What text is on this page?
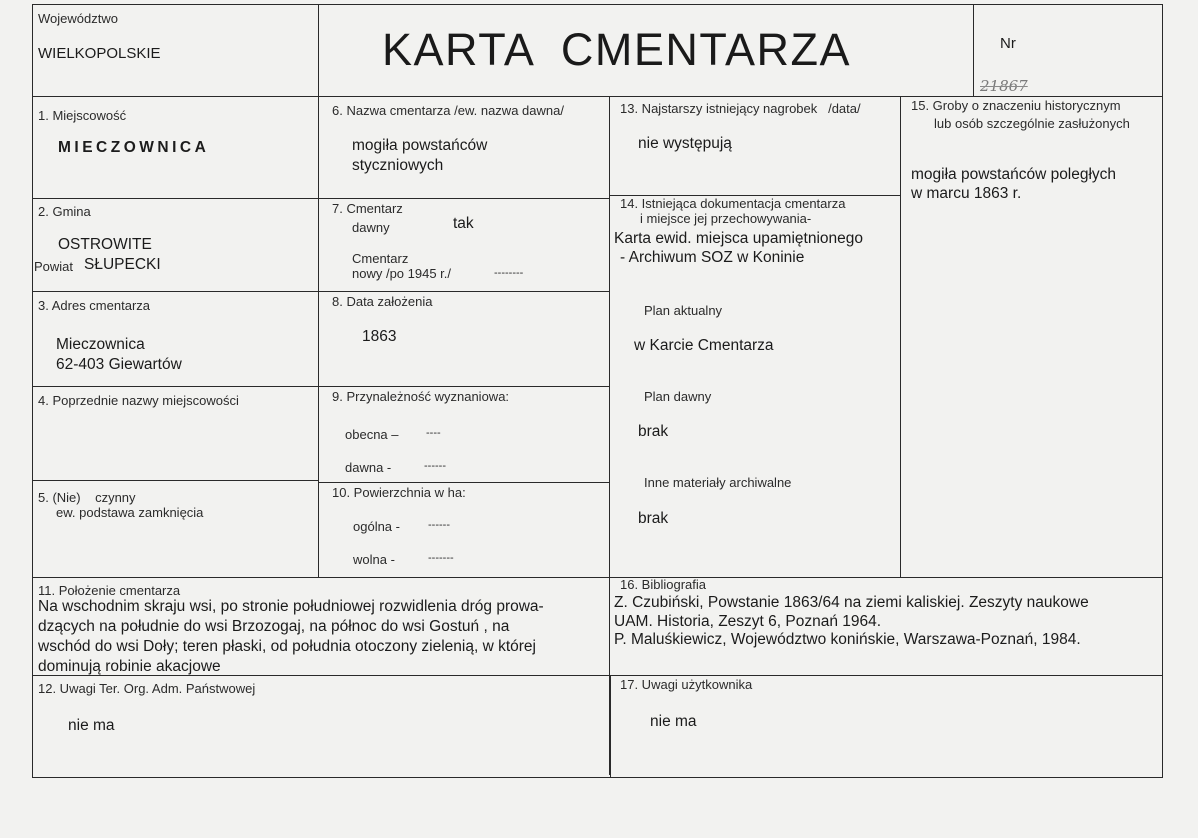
Województwo
WIELKOPOLSKIE	KARTA  CMENTARZA	Nr
21867
1. Miejscowość
MIECZOWNICA
2. Gmina
OSTROWITE
Powiat SŁUPECKI
3. Adres cmentarza
Mieczownica
62-403 Giewartów
4. Poprzednie nazwy miejscowości
5. (Nie)    czynny
ew. podstawa zamknięcia
6. Nazwa cmentarza /ew. nazwa dawna/
mogiła powstańców
styczniowych
7. Cmentarz
dawny	tak
Cmentarz
nowy /po 1945 r./	--------
8. Data założenia
1863
9. Przynależność wyznaniowa:
obecna –	----
dawna -	------
10. Powierzchnia w ha:
ogólna -	------
wolna -	-------
13. Najstarszy istniejący nagrobek   /data/
nie występują
14. Istniejąca dokumentacja cmentarza
i miejsce jej przechowywania-
Karta ewid. miejsca upamiętnionego
- Archiwum SOZ w Koninie
Plan aktualny
w Karcie Cmentarza
Plan dawny
brak
Inne materiały archiwalne
brak
15. Groby o znaczeniu historycznym
lub osób szczególnie zasłużonych
mogiła powstańców poległych
w marcu 1863 r.
11. Położenie cmentarza
Na wschodnim skraju wsi, po stronie południowej rozwidlenia dróg prowa-
dzących na południe do wsi Brzozogaj, na północ do wsi Gostuń , na
wschód do wsi Doły; teren płaski, od południa otoczony zielenią, w której
dominują robinie akacjowe
16. Bibliografia
Z. Czubiński, Powstanie 1863/64 na ziemi kaliskiej. Zeszyty naukowe
UAM. Historia, Zeszyt 6, Poznań 1964.
P. Maluśkiewicz, Województwo konińskie, Warszawa-Poznań, 1984.
12. Uwagi Ter. Org. Adm. Państwowej
nie ma
17. Uwagi użytkownika
nie ma
